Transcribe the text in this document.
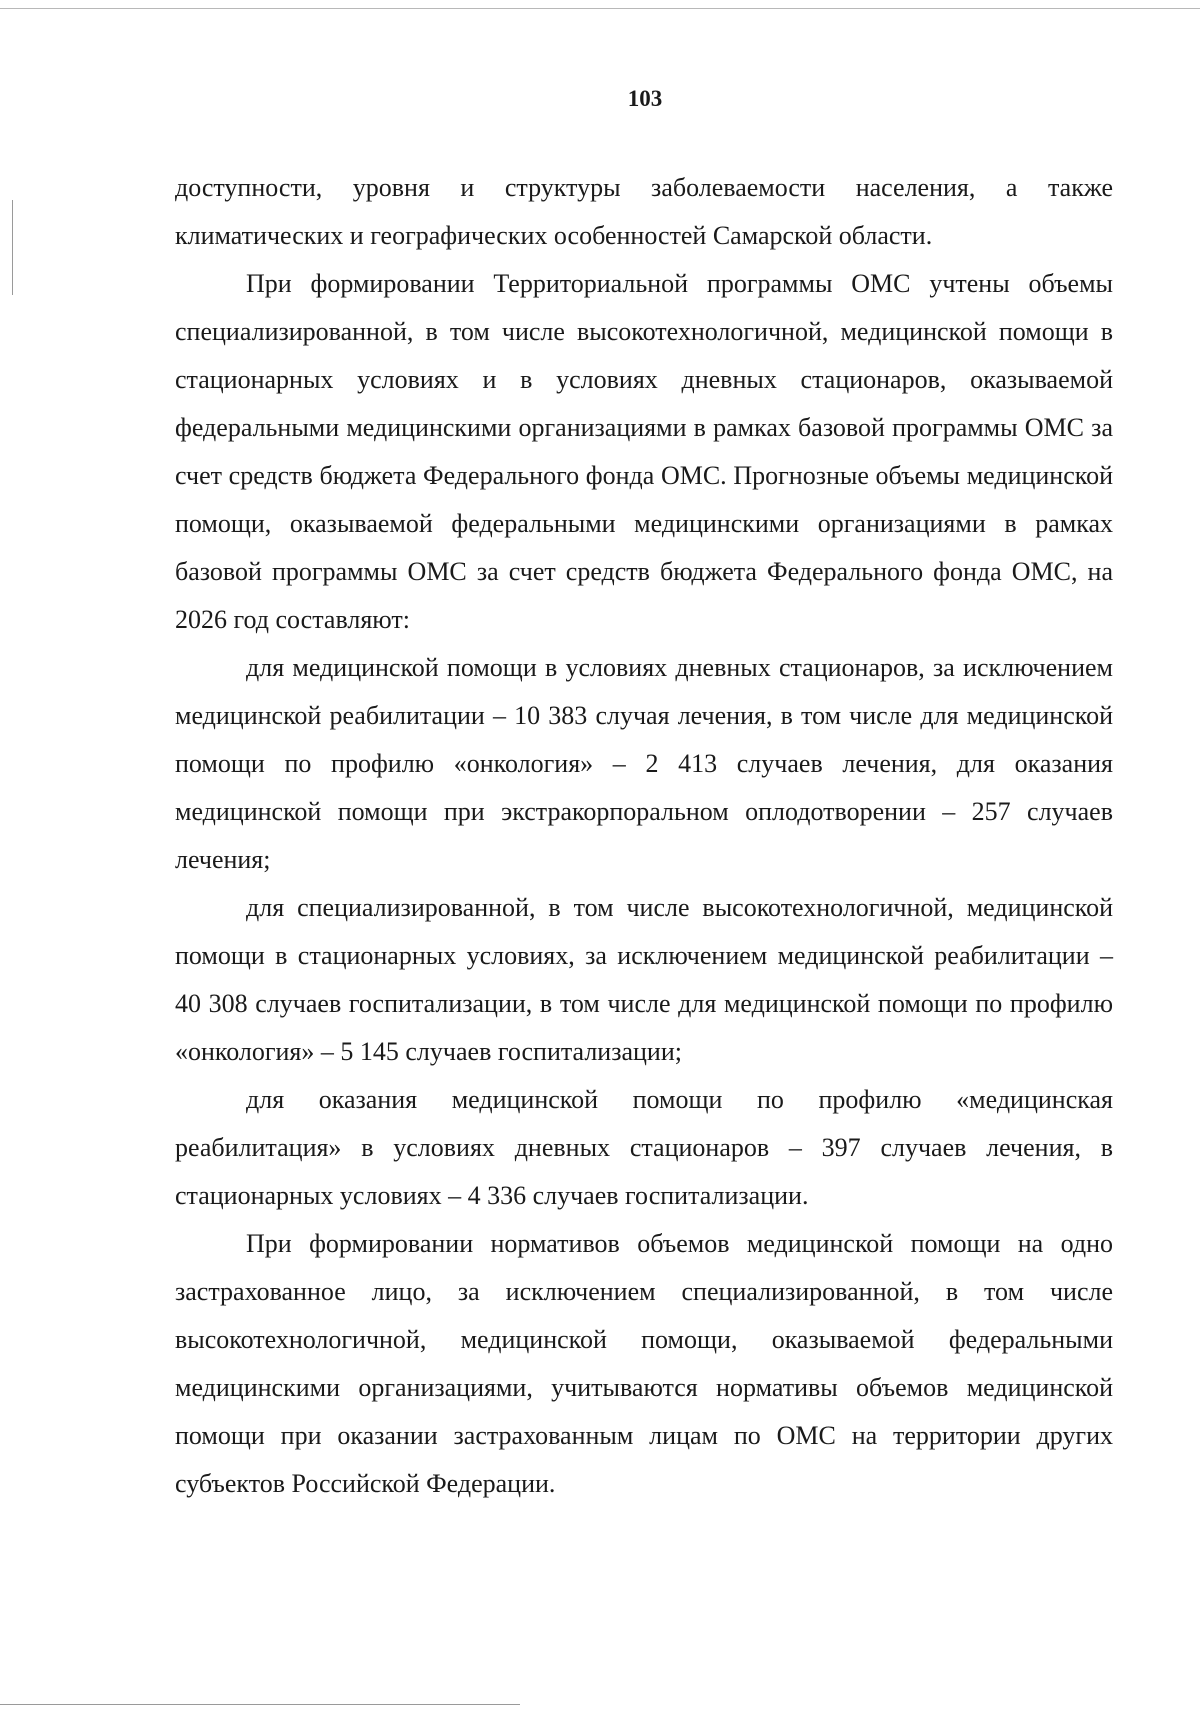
103

доступности, уровня и структуры заболеваемости населения, а также климатических и географических особенностей Самарской области.

При формировании Территориальной программы ОМС учтены объемы специализированной, в том числе высокотехнологичной, медицинской помощи в стационарных условиях и в условиях дневных стационаров, оказываемой федеральными медицинскими организациями в рамках базовой программы ОМС за счет средств бюджета Федерального фонда ОМС. Прогнозные объемы медицинской помощи, оказываемой федеральными медицинскими организациями в рамках базовой программы ОМС за счет средств бюджета Федерального фонда ОМС, на 2026 год составляют:

для медицинской помощи в условиях дневных стационаров, за исключением медицинской реабилитации – 10 383 случая лечения, в том числе для медицинской помощи по профилю «онкология» – 2 413 случаев лечения, для оказания медицинской помощи при экстракорпоральном оплодотворении – 257 случаев лечения;

для специализированной, в том числе высокотехнологичной, медицинской помощи в стационарных условиях, за исключением медицинской реабилитации – 40 308 случаев госпитализации, в том числе для медицинской помощи по профилю «онкология» – 5 145 случаев госпитализации;

для оказания медицинской помощи по профилю «медицинская реабилитация» в условиях дневных стационаров – 397 случаев лечения, в стационарных условиях – 4 336 случаев госпитализации.

При формировании нормативов объемов медицинской помощи на одно застрахованное лицо, за исключением специализированной, в том числе высокотехнологичной, медицинской помощи, оказываемой федеральными медицинскими организациями, учитываются нормативы объемов медицинской помощи при оказании застрахованным лицам по ОМС на территории других субъектов Российской Федерации.
